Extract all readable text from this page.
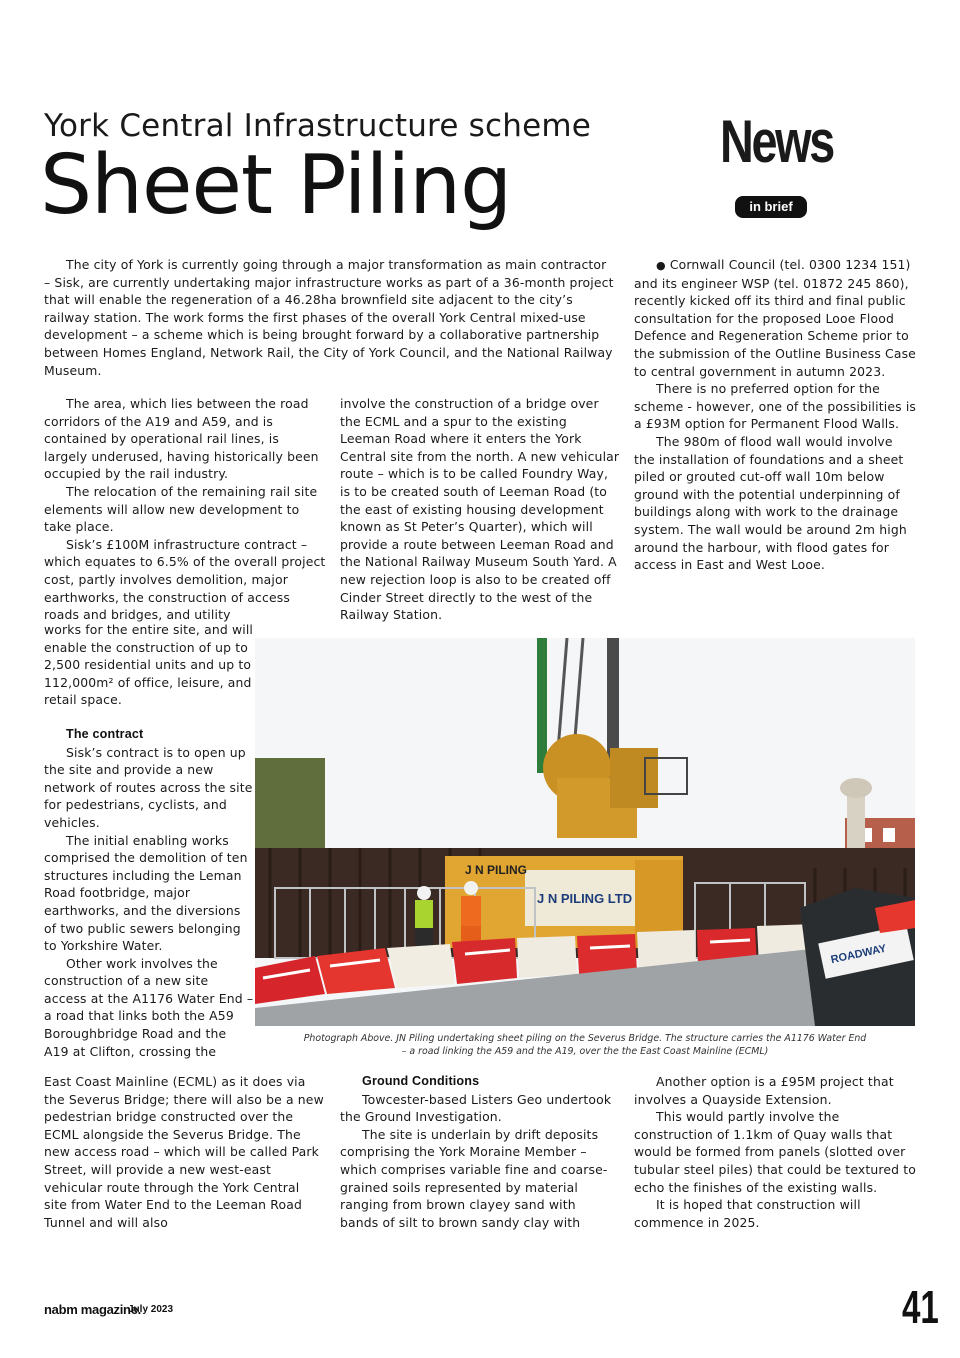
York Central Infrastructure scheme
Sheet Piling	News
in brief

The city of York is currently going through a major transformation as main contractor – Sisk, are currently undertaking major infrastructure works as part of a 36-month project that will enable the regeneration of a 46.28ha brownfield site adjacent to the city’s railway station. The work forms the first phases of the overall York Central mixed-use development – a scheme which is being brought forward by a collaborative partnership between Homes England, Network Rail, the City of York Council, and the National Railway Museum.

The area, which lies between the road corridors of the A19 and A59, and is contained by operational rail lines, is largely underused, having historically been occupied by the rail industry.

The relocation of the remaining rail site elements will allow new development to take place.

Sisk’s £100M infrastructure contract – which equates to 6.5% of the overall project cost, partly involves demolition, major earthworks, the construction of access roads and bridges, and utility

works for the entire site, and will enable the construction of up to 2,500 residential units and up to 112,000m² of office, leisure, and retail space.

The contract

Sisk’s contract is to open up the site and provide a new network of routes across the site for pedestrians, cyclists, and vehicles.

The initial enabling works comprised the demolition of ten structures including the Leman Road footbridge, major earthworks, and the diversions of two public sewers belonging to Yorkshire Water.

Other work involves the construction of a new site access at the A1176 Water End – a road that links both the A59 Boroughbridge Road and the A19 at Clifton, crossing the

East Coast Mainline (ECML) as it does via the Severus Bridge; there will also be a new pedestrian bridge constructed over the ECML alongside the Severus Bridge. The new access road – which will be called Park Street, will provide a new west-east vehicular route through the York Central site from Water End to the Leeman Road Tunnel and will also

involve the construction of a bridge over the ECML and a spur to the existing Leeman Road where it enters the York Central site from the north. A new vehicular route – which is to be called Foundry Way, is to be created south of Leeman Road (to the east of existing housing development known as St Peter’s Quarter), which will provide a route between Leeman Road and the National Railway Museum South Yard. A new rejection loop is also to be created off Cinder Street directly to the west of the Railway Station.

Ground Conditions

Towcester-based Listers Geo undertook the Ground Investigation.

The site is underlain by drift deposits comprising the York Moraine Member – which comprises variable fine and coarse-grained soils represented by material ranging from brown clayey sand with bands of silt to brown sandy clay with

● Cornwall Council (tel. 0300 1234 151) and its engineer WSP (tel. 01872 245 860), recently kicked off its third and final public consultation for the proposed Looe Flood Defence and Regeneration Scheme prior to the submission of the Outline Business Case to central government in autumn 2023.

There is no preferred option for the scheme - however, one of the possibilities is a £93M option for Permanent Flood Walls.

The 980m of flood wall would involve the installation of foundations and a sheet piled or grouted cut-off wall 10m below ground with the potential underpinning of buildings along with work to the drainage system. The wall would be around 2m high around the harbour, with flood gates for access in East and West Looe.

Another option is a £95M project that involves a Quayside Extension.

This would partly involve the construction of 1.1km of Quay walls that would be formed from panels (slotted over tubular steel piles) that could be textured to echo the finishes of the existing walls.

It is hoped that construction will commence in 2025.

J N PILING
J N PILING LTD
ROADWAY
Photograph Above. JN Piling undertaking sheet piling on the Severus Bridge. The structure carries the A1176 Water End
– a road linking the A59 and the A19, over the the East Coast Mainline (ECML)
nabm magazine.
July 2023	41
